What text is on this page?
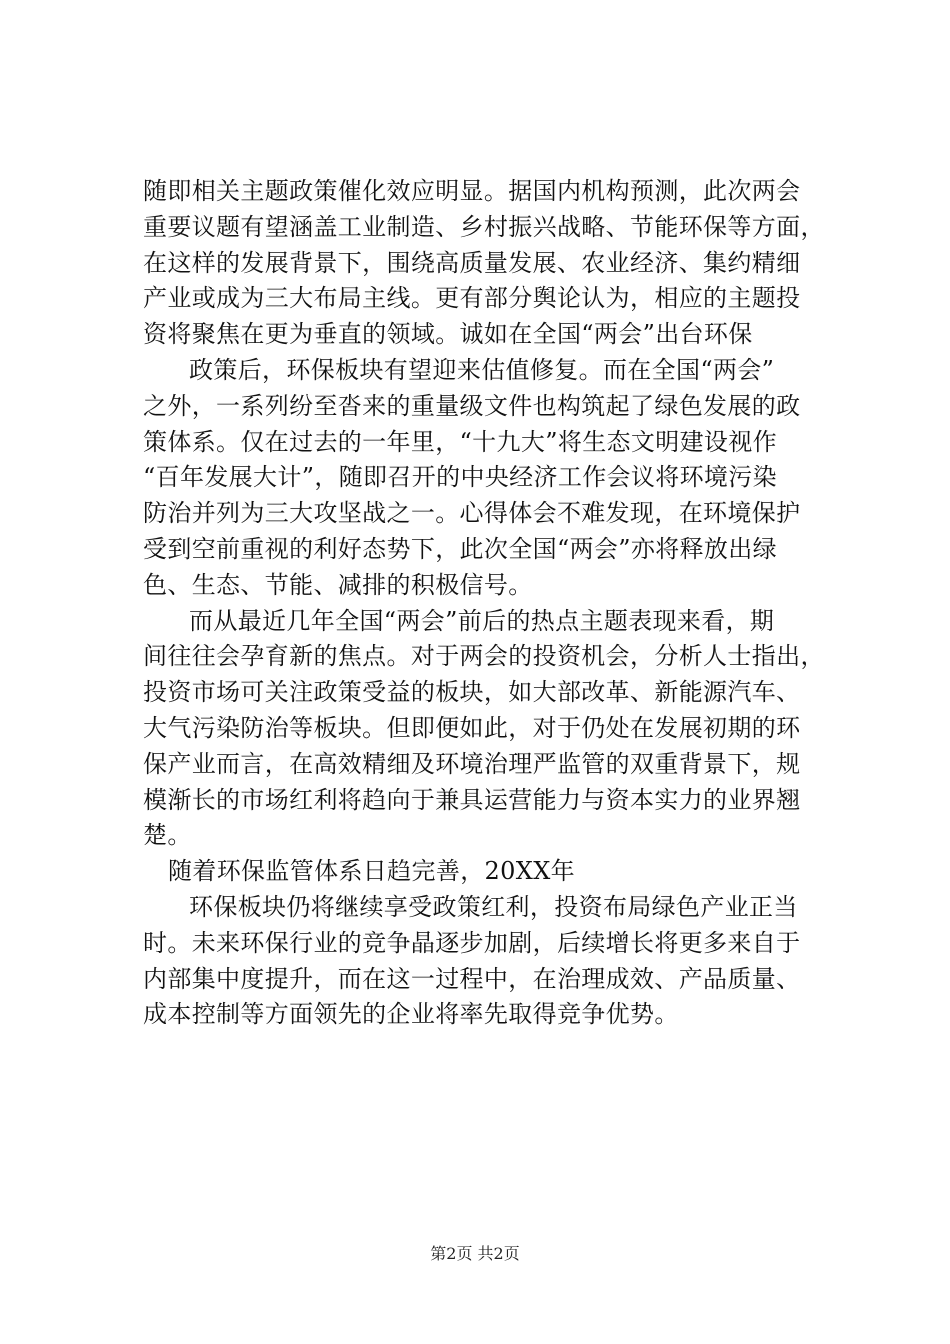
随即相关主题政策催化效应明显。据国内机构预测，此次两会
重要议题有望涵盖工业制造、乡村振兴战略、节能环保等方面，
在这样的发展背景下，围绕高质量发展、农业经济、集约精细
产业或成为三大布局主线。更有部分舆论认为，相应的主题投
资将聚焦在更为垂直的领域。诚如在全国“两会”出台环保
政策后，环保板块有望迎来估值修复。而在全国“两会”
之外，一系列纷至沓来的重量级文件也构筑起了绿色发展的政
策体系。仅在过去的一年里，“十九大”将生态文明建设视作
“百年发展大计”，随即召开的中央经济工作会议将环境污染
防治并列为三大攻坚战之一。心得体会不难发现，在环境保护
受到空前重视的利好态势下，此次全国“两会”亦将释放出绿
色、生态、节能、减排的积极信号。
而从最近几年全国“两会”前后的热点主题表现来看，期
间往往会孕育新的焦点。对于两会的投资机会，分析人士指出，
投资市场可关注政策受益的板块，如大部改革、新能源汽车、
大气污染防治等板块。但即便如此，对于仍处在发展初期的环
保产业而言，在高效精细及环境治理严监管的双重背景下，规
模渐长的市场红利将趋向于兼具运营能力与资本实力的业界翘
楚。
随着环保监管体系日趋完善，20XX年
环保板块仍将继续享受政策红利，投资布局绿色产业正当
时。未来环保行业的竞争晶逐步加剧，后续增长将更多来自于
内部集中度提升，而在这一过程中，在治理成效、产品质量、
成本控制等方面领先的企业将率先取得竞争优势。
第2页 共2页
